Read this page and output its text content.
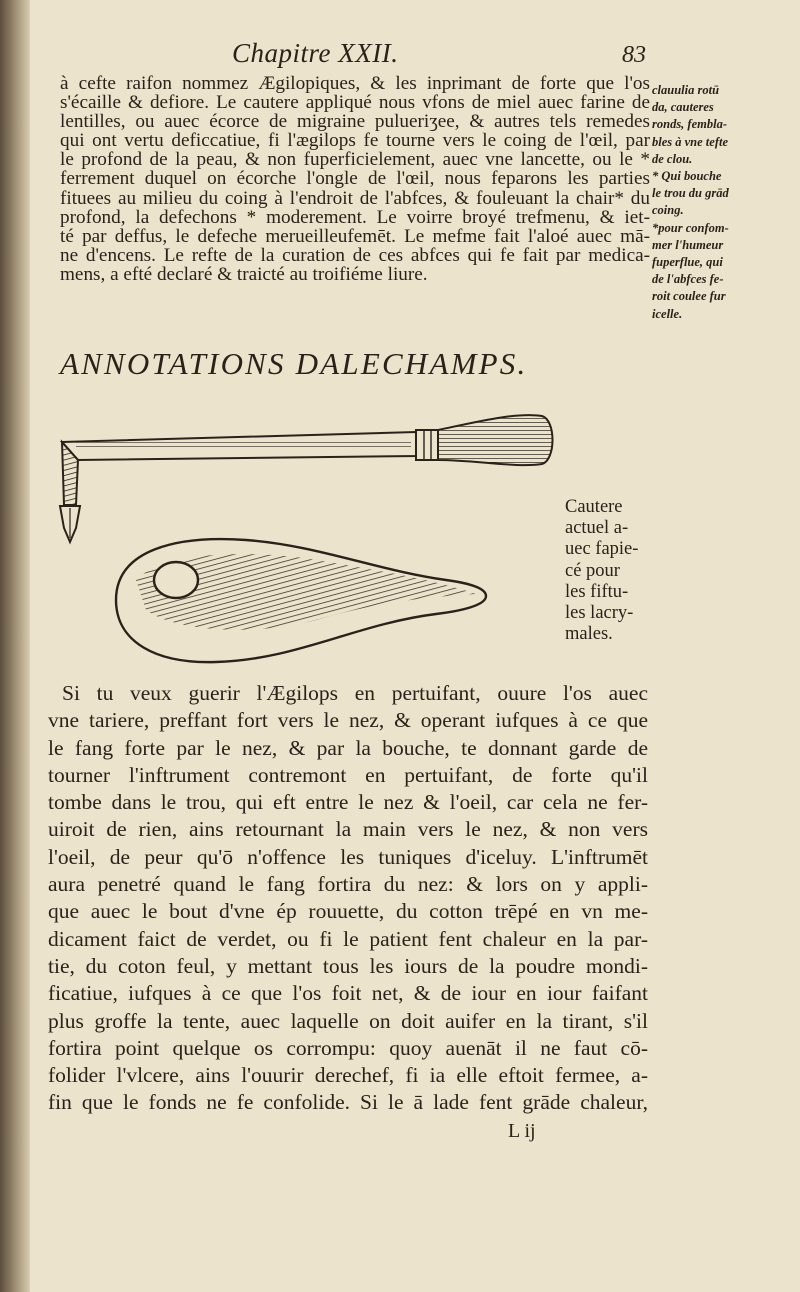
Chapitre XXII.	83
à cefte raifon nommez Ægilopiques, & les inprimant de forte que l'os
s'écaille & defiore. Le cautere appliqué nous vfons de miel auec farine de
lentilles, ou auec écorce de migraine pulueriʒee, & autres tels remedes
qui ont vertu deficcatiue, fi l'ægilops fe tourne vers le coing de l'œil, par
le profond de la peau, & non fuperficielement, auec vne lancette, ou le *
ferrement duquel on écorche l'ongle de l'œil, nous feparons les parties
fituees au milieu du coing à l'endroit de l'abfces, & fouleuant la chair* du
profond, la defechons * moderement. Le voirre broyé trefmenu, & iet-
té par deffus, le defeche merueilleufemēt. Le mefme fait l'aloé auec mā-
ne d'encens. Le refte de la curation de ces abfces qui fe fait par medica-
mens, a efté declaré & traicté au troifiéme liure.
clauulia rotū
da, cauteres
ronds, fembla-
bles à vne tefte
de clou.
* Qui bouche
le trou du grād
coing.
*pour confom-
mer l'humeur
fuperflue, qui
de l'abfces fe-
roit coulee fur
icelle.
ANNOTATIONS DALECHAMPS.
Cautere
actuel a-
uec fapie-
cé pour
les fiftu-
les lacry-
males.
Si tu veux guerir l'Ægilops en pertuifant, ouure l'os auec
vne tariere, preffant fort vers le nez, & operant iufques à ce que
le fang forte par le nez, & par la bouche, te donnant garde de
tourner l'inftrument contremont en pertuifant, de forte qu'il
tombe dans le trou, qui eft entre le nez & l'oeil, car cela ne fer-
uiroit de rien, ains retournant la main vers le nez, & non vers
l'oeil, de peur qu'ō n'offence les tuniques d'iceluy. L'inftrumēt
aura penetré quand le fang fortira du nez: & lors on y appli-
que auec le bout d'vne ép rouuette, du cotton trēpé en vn me-
dicament faict de verdet, ou fi le patient fent chaleur en la par-
tie, du coton feul, y mettant tous les iours de la poudre mondi-
ficatiue, iufques à ce que l'os foit net, & de iour en iour faifant
plus groffe la tente, auec laquelle on doit auifer en la tirant, s'il
fortira point quelque os corrompu: quoy auenāt il ne faut cō-
folider l'vlcere, ains l'ouurir derechef, fi ia elle eftoit fermee, a-
fin que le fonds ne fe confolide. Si le ā lade fent grāde chaleur,
L ij
